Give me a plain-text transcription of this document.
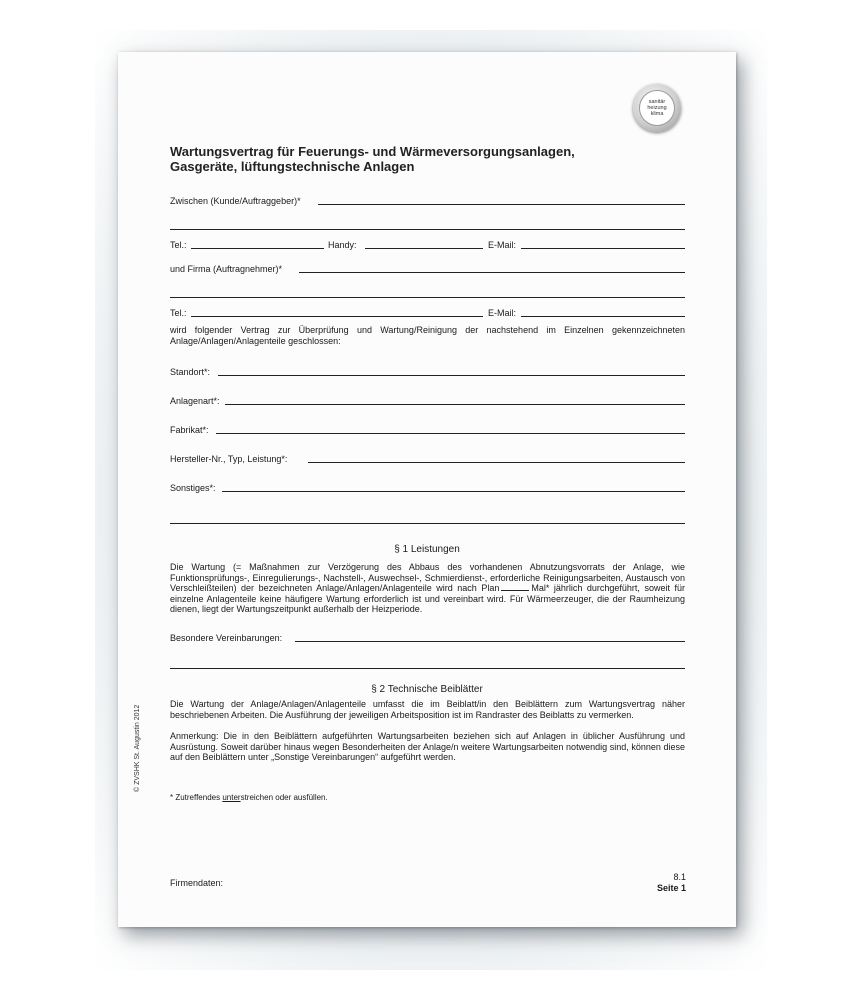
sanitär
heizung
klima
Wartungsvertrag für Feuerungs- und Wärmeversorgungsanlagen,
Gasgeräte, lüftungstechnische Anlagen
Zwischen (Kunde/Auftraggeber)*
Tel.:	Handy:	E-Mail:
und Firma (Auftragnehmer)*
Tel.:	E-Mail:
wird folgender Vertrag zur Überprüfung und Wartung/Reinigung der nachstehend im Einzelnen gekennzeichneten Anlage/Anlagen/Anlagenteile geschlossen:
Standort*:
Anlagenart*:
Fabrikat*:
Hersteller-Nr., Typ, Leistung*:
Sonstiges*:
§ 1 Leistungen
Die Wartung (= Maßnahmen zur Verzögerung des Abbaus des vorhandenen Abnutzungsvorrats der Anlage, wie Funktionsprüfungs-, Einregulierungs-, Nachstell-, Auswechsel-, Schmierdienst-, erforderliche Reinigungsarbeiten, Austausch von Verschleißteilen) der bezeichneten Anlage/Anlagen/Anlagenteile wird nach Plan	Mal* jährlich durchgeführt, soweit für einzelne Anlagenteile keine häufigere Wartung erforderlich ist und vereinbart wird. Für Wärmeerzeuger, die der Raumheizung dienen, liegt der Wartungszeitpunkt außerhalb der Heizperiode.
Besondere Vereinbarungen:
§ 2 Technische Beiblätter
Die Wartung der Anlage/Anlagen/Anlagenteile umfasst die im Beiblatt/in den Beiblättern zum Wartungsvertrag näher beschriebenen Arbeiten. Die Ausführung der jeweiligen Arbeitsposition ist im Randraster des Beiblatts zu vermerken.
Anmerkung: Die in den Beiblättern aufgeführten Wartungsarbeiten beziehen sich auf Anlagen in üblicher Ausführung und Ausrüstung. Soweit darüber hinaus wegen Besonderheiten der Anlage/n weitere Wartungsarbeiten notwendig sind, können diese auf den Beiblättern unter „Sonstige Vereinbarungen“ aufgeführt werden.
* Zutreffendes unterstreichen oder ausfüllen.
Firmendaten:
8.1
Seite 1
© ZVSHK St. Augustin 2012
